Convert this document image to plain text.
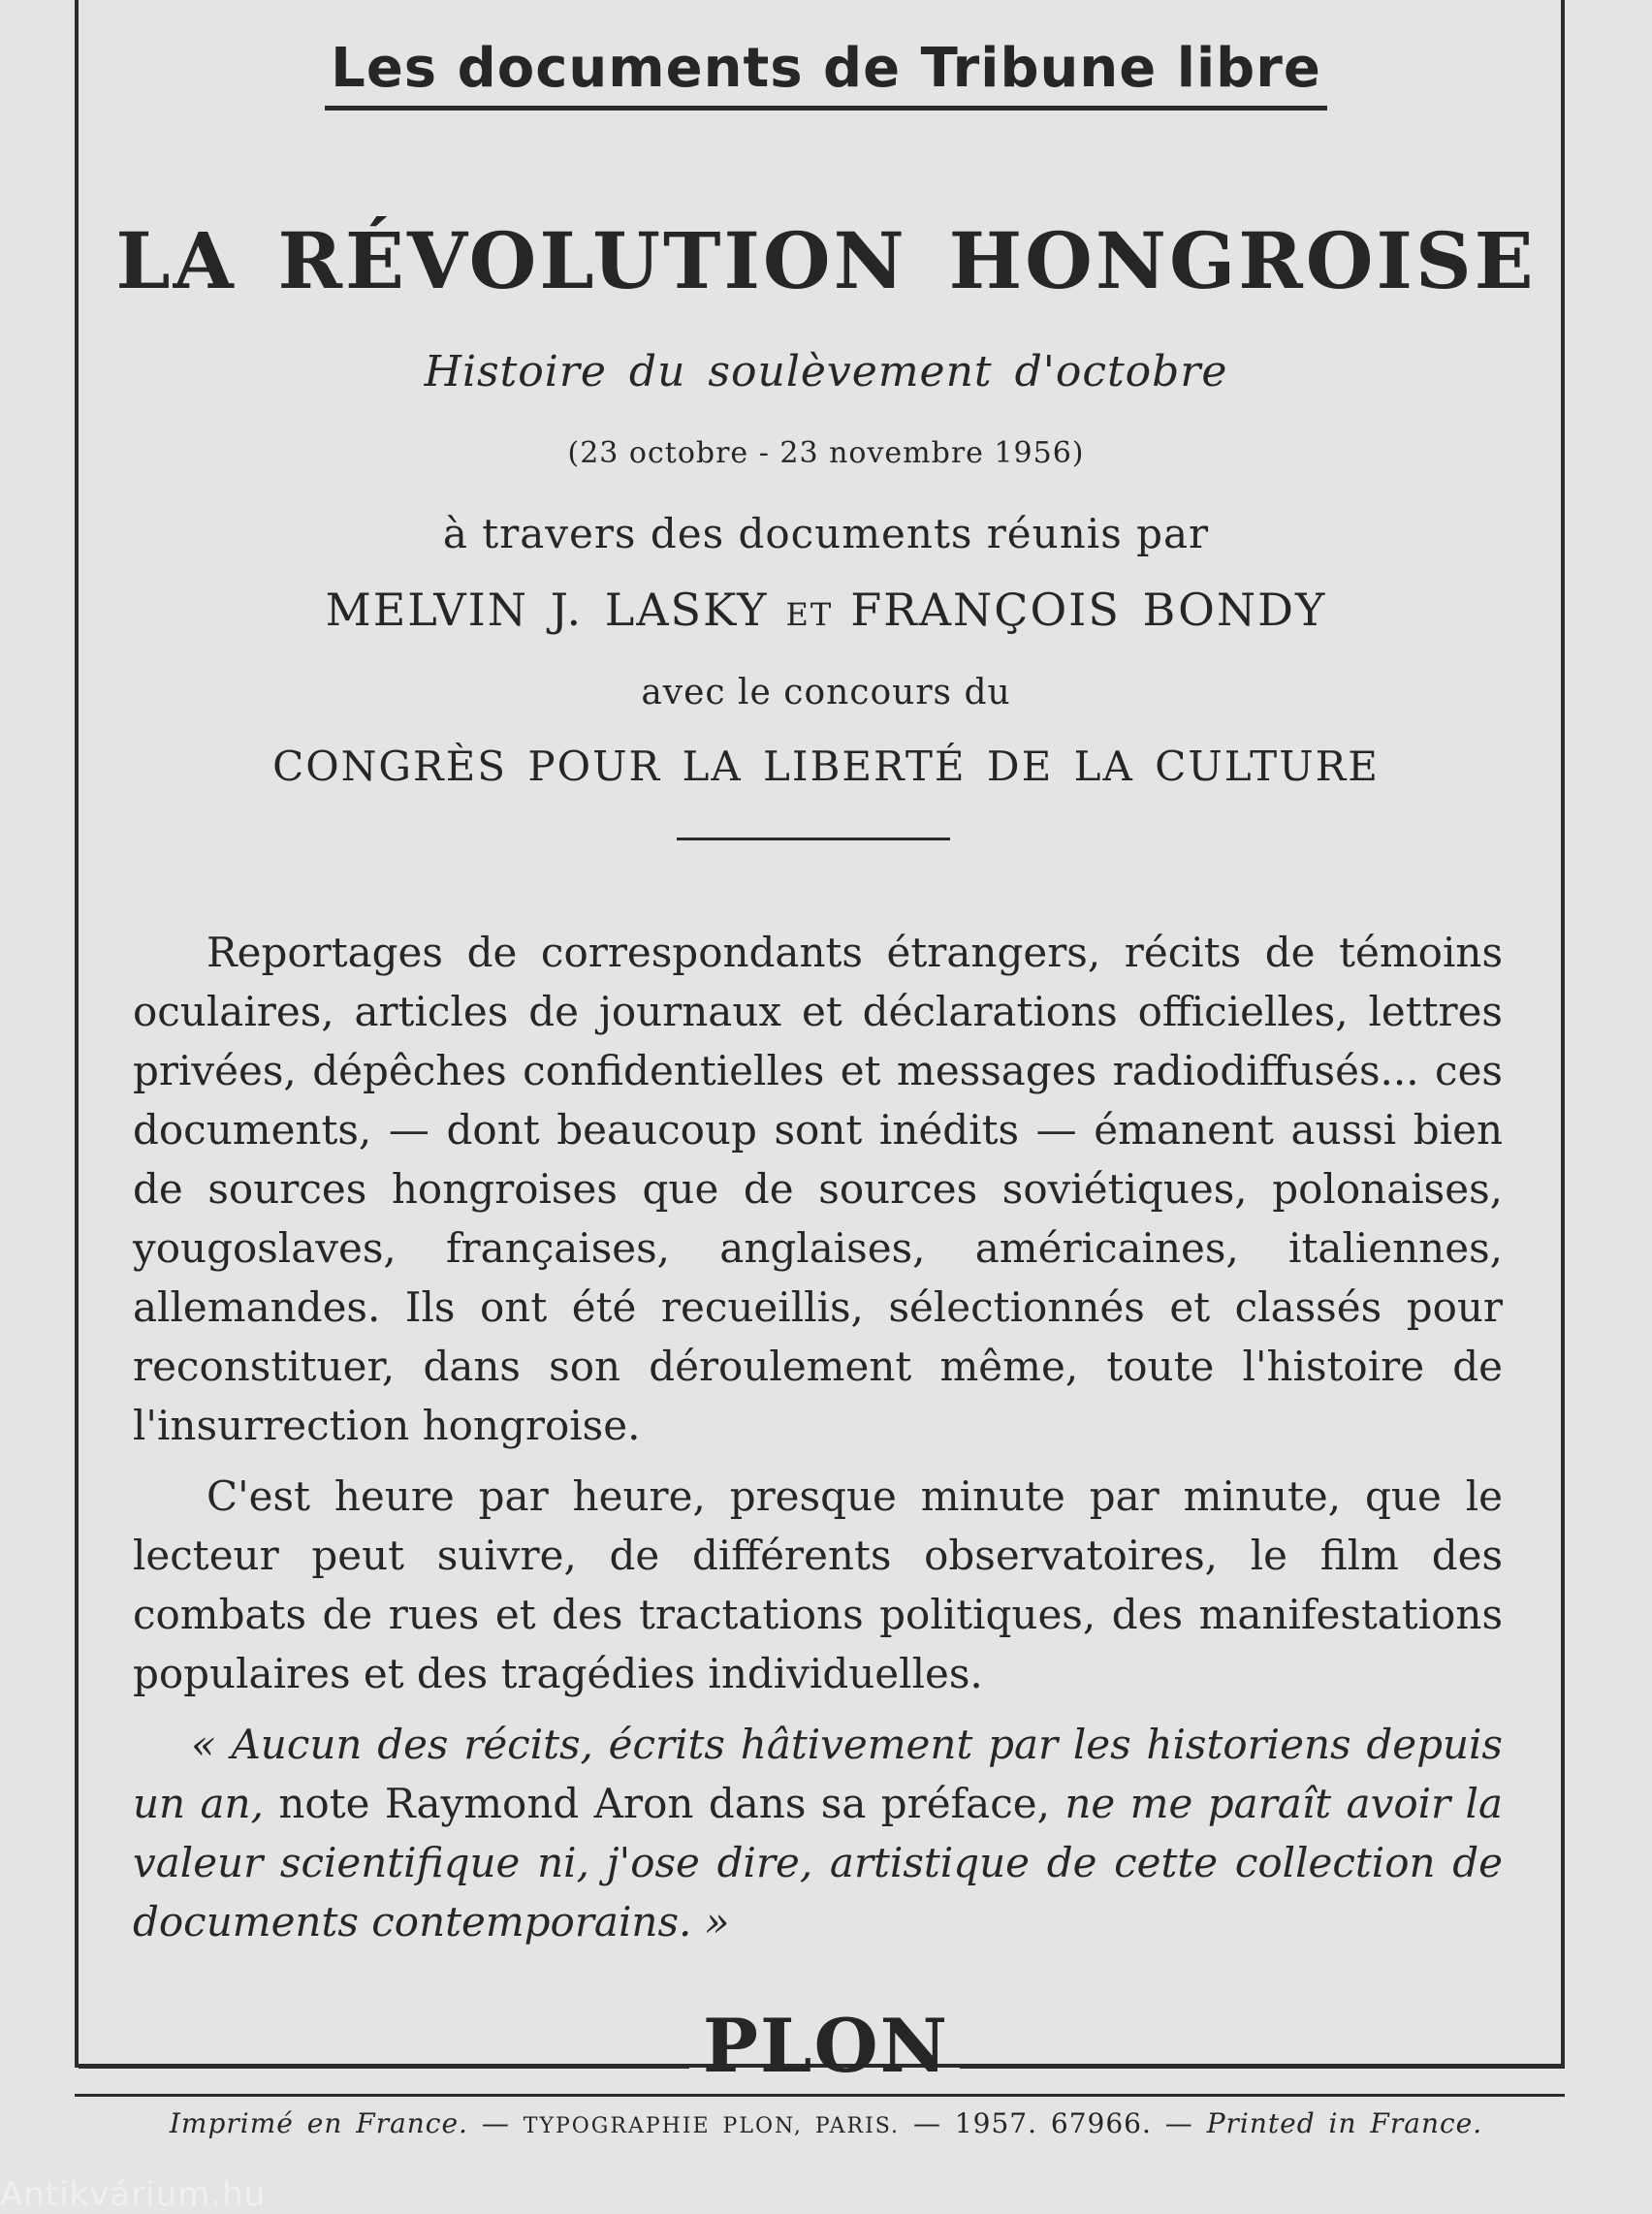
Les documents de Tribune libre
LA RÉVOLUTION HONGROISE
Histoire du soulèvement d'octobre
(23 octobre - 23 novembre 1956)
à travers des documents réunis par
MELVIN J. LASKY ET FRANÇOIS BONDY
avec le concours du
CONGRÈS POUR LA LIBERTÉ DE LA CULTURE

Reportages de correspondants étrangers, récits de témoins oculaires, articles de journaux et déclarations officielles, lettres privées, dépêches confidentielles et messages radiodiffusés... ces documents, — dont beaucoup sont inédits — émanent aussi bien de sources hongroises que de sources soviétiques, polonaises, yougoslaves, françaises, anglaises, américaines, italiennes, allemandes. Ils ont été recueillis, sélectionnés et classés pour reconstituer, dans son déroulement même, toute l'histoire de l'insurrection hongroise.

C'est heure par heure, presque minute par minute, que le lecteur peut suivre, de différents observatoires, le film des combats de rues et des tractations politiques, des manifestations populaires et des tragédies individuelles.

« Aucun des récits, écrits hâtivement par les historiens depuis un an, note Raymond Aron dans sa préface, ne me paraît avoir la valeur scientifique ni, j'ose dire, artistique de cette collection de documents contemporains. »

PLON
Imprimé en France. — TYPOGRAPHIE PLON, PARIS. — 1957. 67966. — Printed in France.
Antikvárium.hu
